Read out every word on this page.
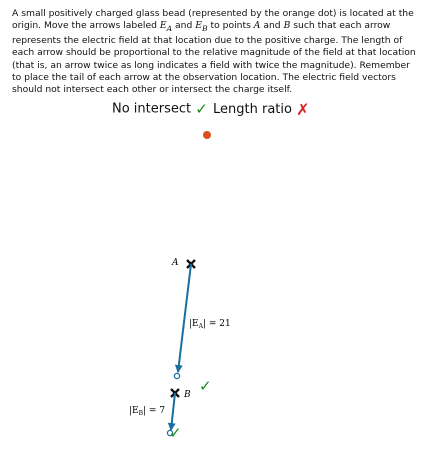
A small positively charged glass bead (represented by the orange dot) is located at the origin. Move the arrows labeled $E_A$ and $E_B$ to points A and B such that each arrow represents the electric field at that location due to the positive charge. The length of each arrow should be proportional to the relative magnitude of the field at that location (that is, an arrow twice as long indicates a field with twice the magnitude). Remember to place the tail of each arrow at the observation location. The electric field vectors should not intersect each other or intersect the charge itself.

No intersect ✓ Length ratio ✗
A
$|E_A| = 21$
B ✓
$|E_B| = 7$
✓
